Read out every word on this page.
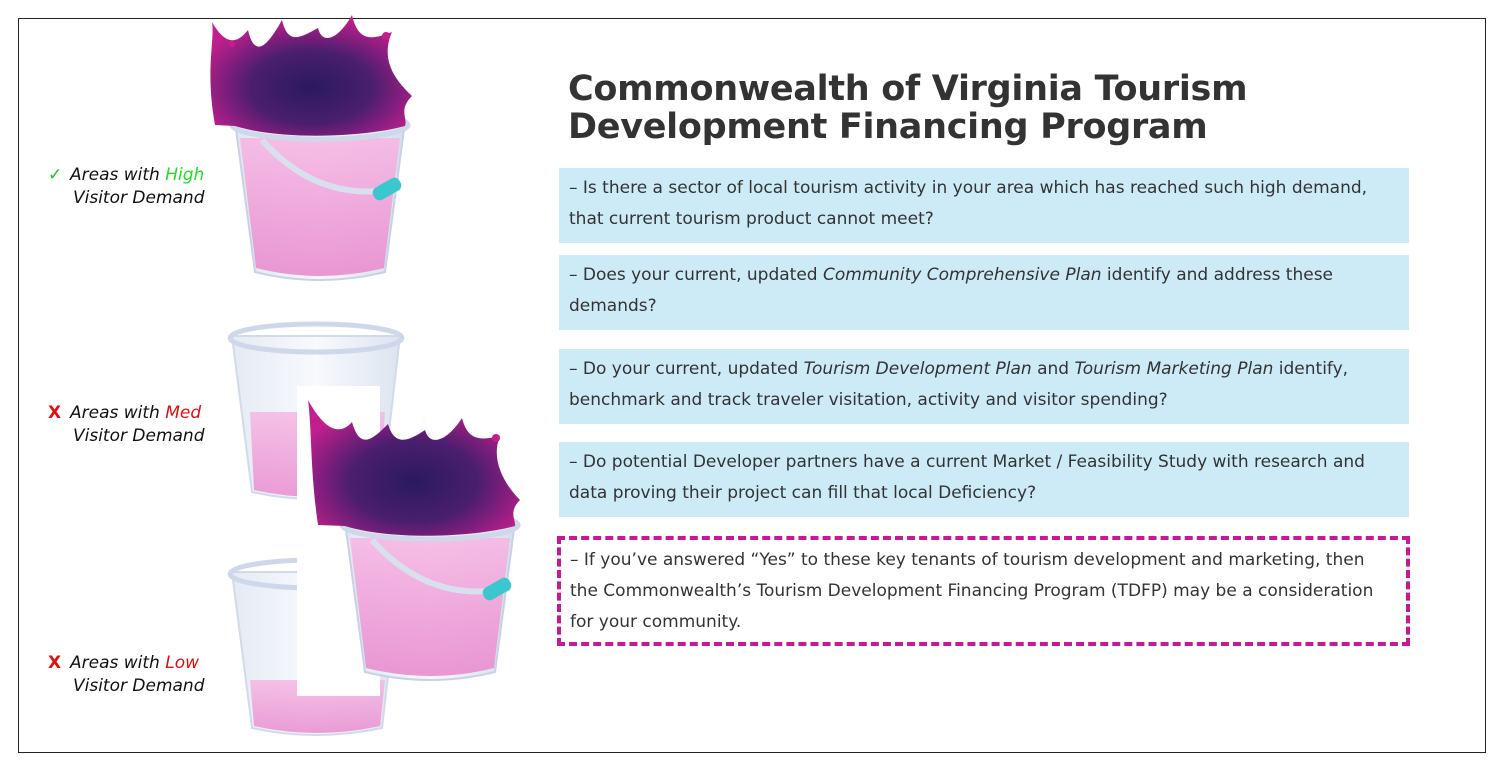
✓ Areas with High
Visitor Demand
X Areas with Med
Visitor Demand
X Areas with Low
Visitor Demand
Commonwealth of Virginia Tourism
Development Financing Program
– Is there a sector of local tourism activity in your area which has reached such high demand, that current tourism product cannot meet?
– Does your current, updated Community Comprehensive Plan identify and address these demands?
– Do your current, updated Tourism Development Plan and Tourism Marketing Plan identify, benchmark and track traveler visitation, activity and visitor spending?
– Do potential Developer partners have a current Market / Feasibility Study with research and data proving their project can fill that local Deficiency?
– If you’ve answered “Yes” to these key tenants of tourism development and marketing, then the Commonwealth’s Tourism Development Financing Program (TDFP) may be a consideration for your community.
